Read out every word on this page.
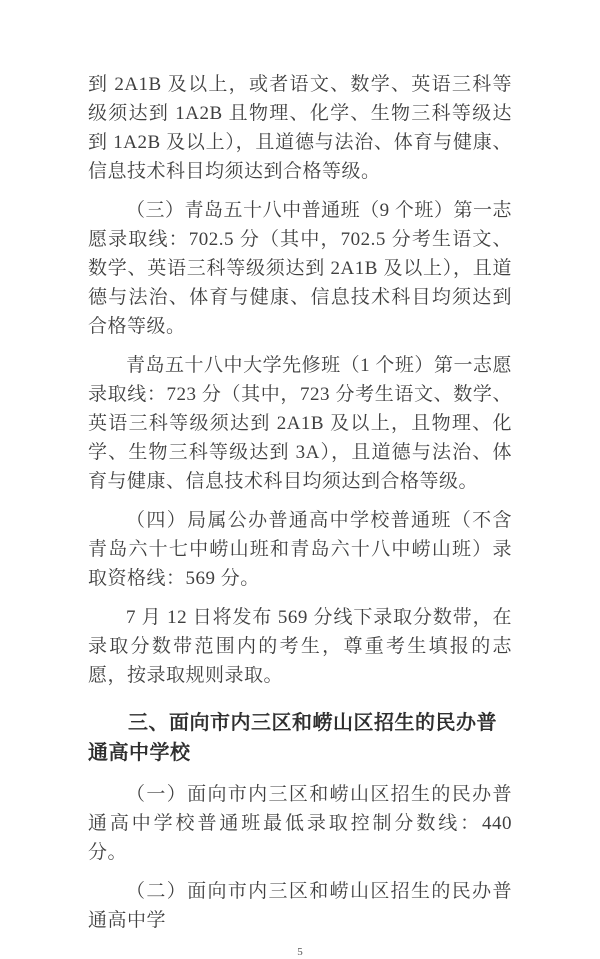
到 2A1B 及以上，或者语文、数学、英语三科等级须达到 1A2B 且物理、化学、生物三科等级达到 1A2B 及以上），且道德与法治、体育与健康、信息技术科目均须达到合格等级。

（三）青岛五十八中普通班（9 个班）第一志愿录取线：702.5 分（其中，702.5 分考生语文、数学、英语三科等级须达到 2A1B 及以上），且道德与法治、体育与健康、信息技术科目均须达到合格等级。

青岛五十八中大学先修班（1 个班）第一志愿录取线：723 分（其中，723 分考生语文、数学、英语三科等级须达到 2A1B 及以上，且物理、化学、生物三科等级达到 3A），且道德与法治、体育与健康、信息技术科目均须达到合格等级。

（四）局属公办普通高中学校普通班（不含青岛六十七中崂山班和青岛六十八中崂山班）录取资格线：569 分。

7 月 12 日将发布 569 分线下录取分数带，在录取分数带范围内的考生，尊重考生填报的志愿，按录取规则录取。

三、面向市内三区和崂山区招生的民办普通高中学校

（一）面向市内三区和崂山区招生的民办普通高中学校普通班最低录取控制分数线：440 分。

（二）面向市内三区和崂山区招生的民办普通高中学

5
